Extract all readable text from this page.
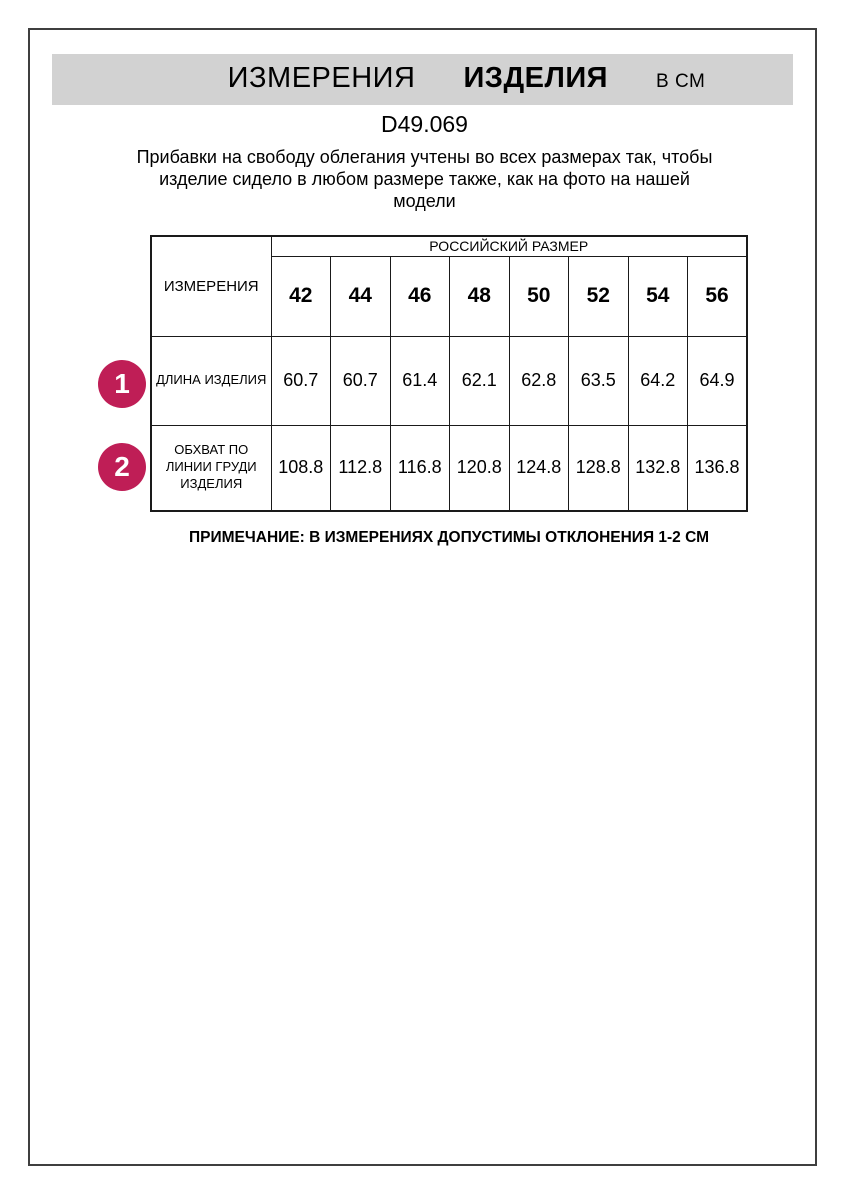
ИЗМЕРЕНИЯ ИЗДЕЛИЯ	В СМ
D49.069
Прибавки на свободу облегания учтены во всех размерах так, чтобы
изделие сидело в любом размере также, как на фото на нашей
модели
ИЗМЕРЕНИЯ	РОССИЙСКИЙ РАЗМЕР							
	42	44	46	48	50	52	54	56
ДЛИНА ИЗДЕЛИЯ	60.7	60.7	61.4	62.1	62.8	63.5	64.2	64.9
ОБХВАТ ПО ЛИНИИ ГРУДИ ИЗДЕЛИЯ	108.8	112.8	116.8	120.8	124.8	128.8	132.8	136.8
1
2
ПРИМЕЧАНИЕ: В ИЗМЕРЕНИЯХ ДОПУСТИМЫ ОТКЛОНЕНИЯ 1-2 СМ
